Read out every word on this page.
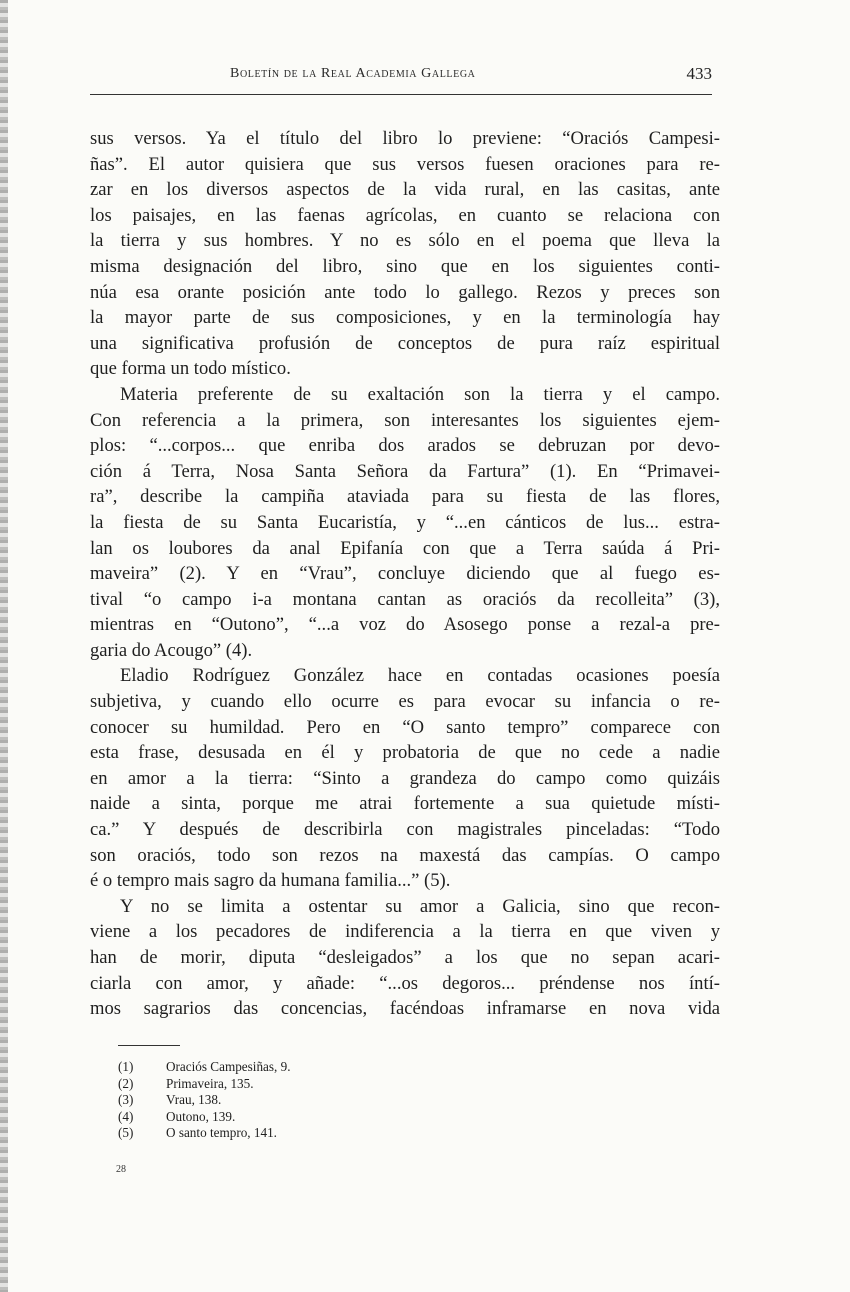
Boletín de la Real Academia Gallega	433
sus versos. Ya el título del libro lo previene: “Oraciós Campesi-
ñas”. El autor quisiera que sus versos fuesen oraciones para re-
zar en los diversos aspectos de la vida rural, en las casitas, ante
los paisajes, en las faenas agrícolas, en cuanto se relaciona con
la tierra y sus hombres. Y no es sólo en el poema que lleva la
misma designación del libro, sino que en los siguientes conti-
núa esa orante posición ante todo lo gallego. Rezos y preces son
la mayor parte de sus composiciones, y en la terminología hay
una significativa profusión de conceptos de pura raíz espiritual
que forma un todo místico.
Materia preferente de su exaltación son la tierra y el campo.
Con referencia a la primera, son interesantes los siguientes ejem-
plos: “...corpos... que enriba dos arados se debruzan por devo-
ción á Terra, Nosa Santa Señora da Fartura” (1). En “Primavei-
ra”, describe la campiña ataviada para su fiesta de las flores,
la fiesta de su Santa Eucaristía, y “...en cánticos de lus... estra-
lan os loubores da anal Epifanía con que a Terra saúda á Pri-
maveira” (2). Y en “Vrau”, concluye diciendo que al fuego es-
tival “o campo i-a montana cantan as oraciós da recolleita” (3),
mientras en “Outono”, “...a voz do Asosego ponse a rezal-a pre-
garia do Acougo” (4).
Eladio Rodríguez González hace en contadas ocasiones poesía
subjetiva, y cuando ello ocurre es para evocar su infancia o re-
conocer su humildad. Pero en “O santo tempro” comparece con
esta frase, desusada en él y probatoria de que no cede a nadie
en amor a la tierra: “Sinto a grandeza do campo como quizáis
naide a sinta, porque me atrai fortemente a sua quietude místi-
ca.” Y después de describirla con magistrales pinceladas: “Todo
son oraciós, todo son rezos na maxestá das campías. O campo
é o tempro mais sagro da humana familia...” (5).
Y no se limita a ostentar su amor a Galicia, sino que recon-
viene a los pecadores de indiferencia a la tierra en que viven y
han de morir, diputa “desleigados” a los que no sepan acari-
ciarla con amor, y añade: “...os degoros... préndense nos íntí-
mos sagrarios das concencias, facéndoas inframarse en nova vida
(1) Oraciós Campesiñas, 9.
(2) Primaveira, 135.
(3) Vrau, 138.
(4) Outono, 139.
(5) O santo tempro, 141.
28
